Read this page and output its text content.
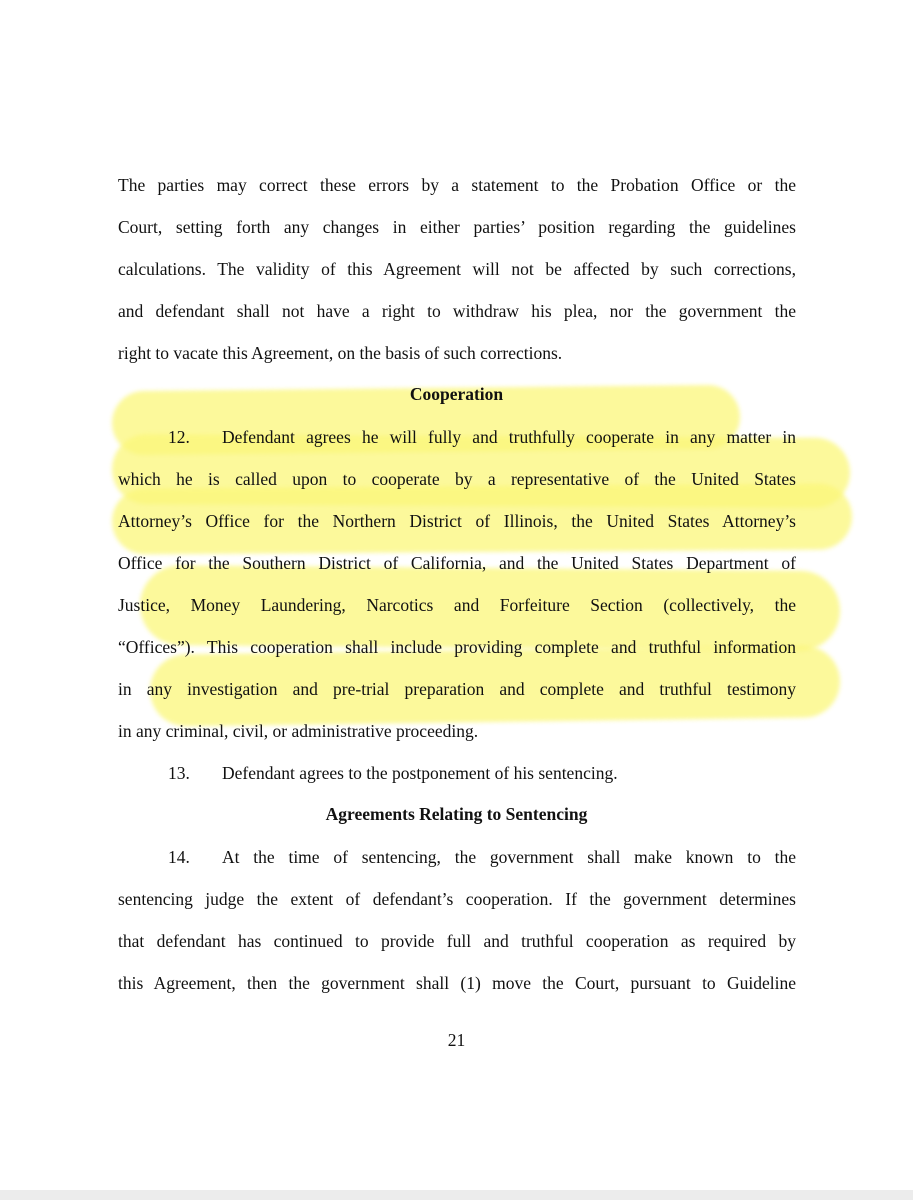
The parties may correct these errors by a statement to the Probation Office or the
Court, setting forth any changes in either parties’ position regarding the guidelines
calculations. The validity of this Agreement will not be affected by such corrections,
and defendant shall not have a right to withdraw his plea, nor the government the
right to vacate this Agreement, on the basis of such corrections.
Cooperation
12. Defendant agrees he will fully and truthfully cooperate in any matter in
which he is called upon to cooperate by a representative of the United States
Attorney’s Office for the Northern District of Illinois, the United States Attorney’s
Office for the Southern District of California, and the United States Department of
Justice, Money Laundering, Narcotics and Forfeiture Section (collectively, the
“Offices”). This cooperation shall include providing complete and truthful information
in any investigation and pre-trial preparation and complete and truthful testimony
in any criminal, civil, or administrative proceeding.
13. Defendant agrees to the postponement of his sentencing.
Agreements Relating to Sentencing
14. At the time of sentencing, the government shall make known to the
sentencing judge the extent of defendant’s cooperation. If the government determines
that defendant has continued to provide full and truthful cooperation as required by
this Agreement, then the government shall (1) move the Court, pursuant to Guideline
21
